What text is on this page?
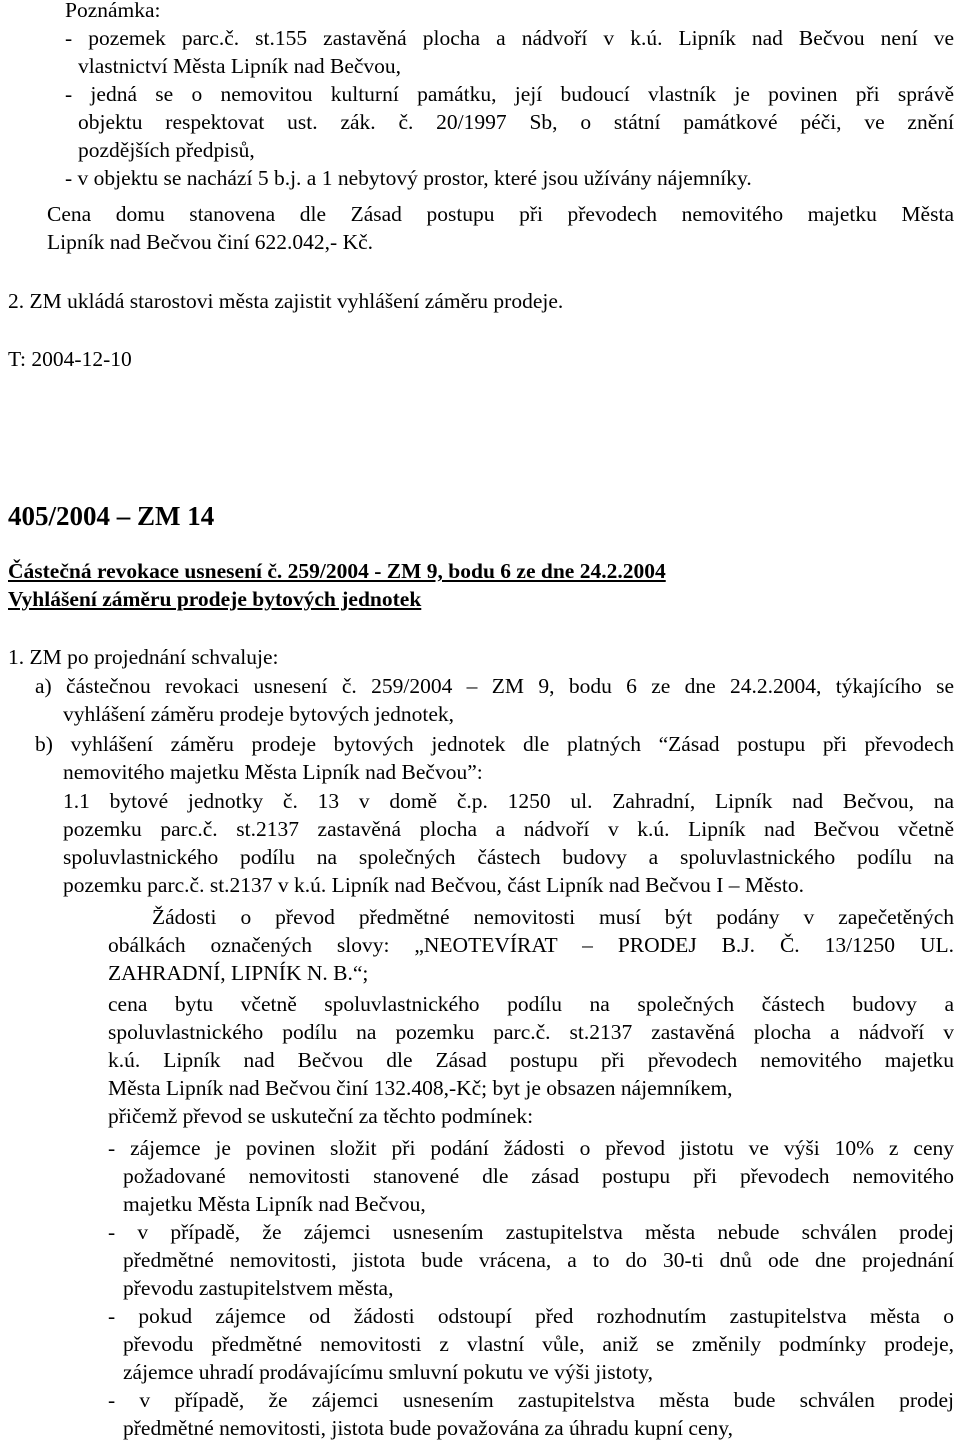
Poznámka:
- pozemek parc.č. st.155 zastavěná plocha a nádvoří v k.ú. Lipník nad Bečvou není ve
vlastnictví Města Lipník nad Bečvou,
- jedná se o nemovitou kulturní památku, její budoucí vlastník je povinen při správě
objektu respektovat ust. zák. č. 20/1997 Sb, o státní památkové péči, ve znění
pozdějších předpisů,
- v objektu se nachází 5 b.j. a 1 nebytový prostor, které jsou užívány nájemníky.
Cena domu stanovena dle Zásad postupu při převodech nemovitého majetku Města
Lipník nad Bečvou činí 622.042,- Kč.
2. ZM ukládá starostovi města zajistit vyhlášení záměru prodeje.
T: 2004-12-10
405/2004 – ZM 14
Částečná revokace usnesení č. 259/2004 - ZM 9, bodu 6 ze dne 24.2.2004
Vyhlášení záměru prodeje bytových jednotek
1. ZM po projednání schvaluje:
a) částečnou revokaci usnesení č. 259/2004 – ZM 9, bodu 6 ze dne 24.2.2004, týkajícího se
vyhlášení záměru prodeje bytových jednotek,
b) vyhlášení záměru prodeje bytových jednotek dle platných “Zásad postupu při převodech
nemovitého majetku Města Lipník nad Bečvou”:
1.1 bytové jednotky č. 13 v domě č.p. 1250 ul. Zahradní, Lipník nad Bečvou, na
pozemku parc.č. st.2137 zastavěná plocha a nádvoří v k.ú. Lipník nad Bečvou včetně
spoluvlastnického podílu na společných částech budovy a spoluvlastnického podílu na
pozemku parc.č. st.2137 v k.ú. Lipník nad Bečvou, část Lipník nad Bečvou I – Město.
Žádosti o převod předmětné nemovitosti musí být podány v zapečetěných
obálkách označených slovy: „NEOTEVÍRAT – PRODEJ B.J. Č. 13/1250 UL.
ZAHRADNÍ, LIPNÍK N. B.“;
cena bytu včetně spoluvlastnického podílu na společných částech budovy a
spoluvlastnického podílu na pozemku parc.č. st.2137 zastavěná plocha a nádvoří v
k.ú. Lipník nad Bečvou dle Zásad postupu při převodech nemovitého majetku
Města Lipník nad Bečvou činí 132.408,-Kč; byt je obsazen nájemníkem,
přičemž převod se uskuteční za těchto podmínek:
- zájemce je povinen složit při podání žádosti o převod jistotu ve výši 10% z ceny
požadované nemovitosti stanovené dle zásad postupu při převodech nemovitého
majetku Města Lipník nad Bečvou,
- v případě, že zájemci usnesením zastupitelstva města nebude schválen prodej
předmětné nemovitosti, jistota bude vrácena, a to do 30-ti dnů ode dne projednání
převodu zastupitelstvem města,
- pokud zájemce od žádosti odstoupí před rozhodnutím zastupitelstva města o
převodu předmětné nemovitosti z vlastní vůle, aniž se změnily podmínky prodeje,
zájemce uhradí prodávajícímu smluvní pokutu ve výši jistoty,
- v případě, že zájemci usnesením zastupitelstva města bude schválen prodej
předmětné nemovitosti, jistota bude považována za úhradu kupní ceny,
